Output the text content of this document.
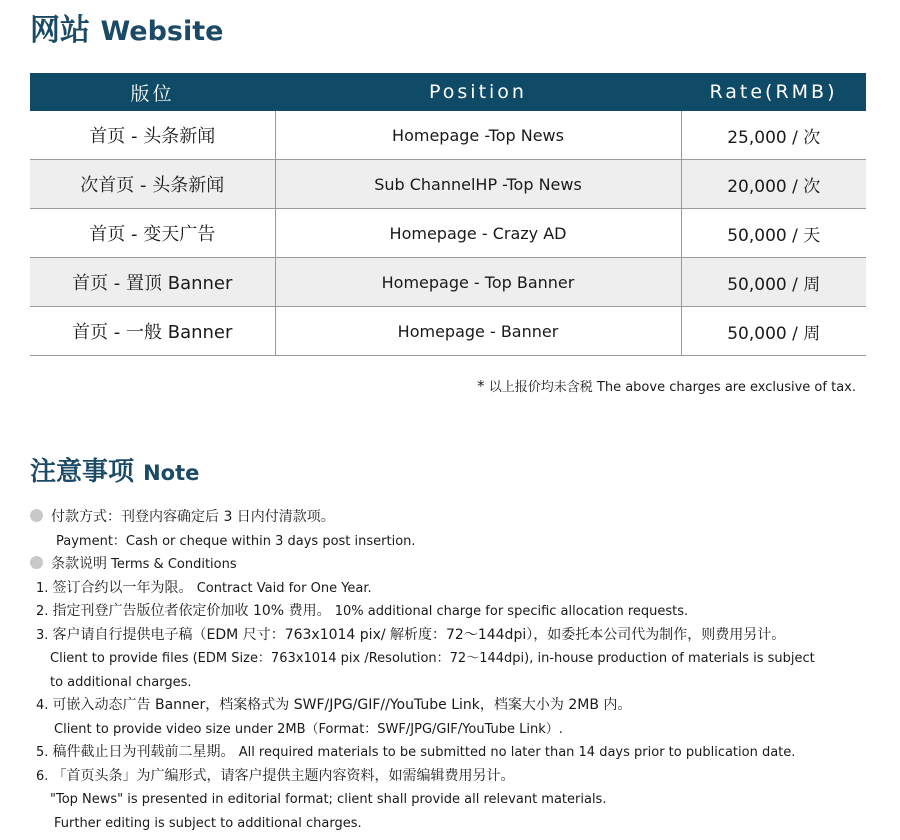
网站 Website
版位	Position	Rate(RMB)
首页 - 头条新闻	Homepage -Top News	25,000 / 次
次首页 - 头条新闻	Sub ChannelHP -Top News	20,000 / 次
首页 - 变天广告	Homepage - Crazy AD	50,000 / 天
首页 - 置顶 Banner	Homepage - Top Banner	50,000 / 周
首页 - 一般 Banner	Homepage - Banner	50,000 / 周

* 以上报价均未含税 The above charges are exclusive of tax.

注意事项 Note
付款方式：刊登内容确定后 3 日内付清款项。
Payment：Cash or cheque within 3 days post insertion.
条款说明 Terms & Conditions
1. 签订合约以一年为限。 Contract Vaid for One Year.
2. 指定刊登广告版位者依定价加收 10% 费用。 10% additional charge for specific allocation requests.
3. 客户请自行提供电子稿（EDM 尺寸：763x1014 pix/ 解析度：72～144dpi），如委托本公司代为制作，则费用另计。
Client to provide files (EDM Size：763x1014 pix /Resolution：72～144dpi), in-house production of materials is subject
to additional charges.
4. 可嵌入动态广告 Banner，档案格式为 SWF/JPG/GIF//YouTube Link，档案大小为 2MB 内。
Client to provide video size under 2MB（Format：SWF/JPG/GIF/YouTube Link）.
5. 稿件截止日为刊载前二星期。 All required materials to be submitted no later than 14 days prior to publication date.
6. 「首页头条」为广编形式，请客户提供主题内容资料，如需编辑费用另计。
"Top News" is presented in editorial format; client shall provide all relevant materials.
Further editing is subject to additional charges.
